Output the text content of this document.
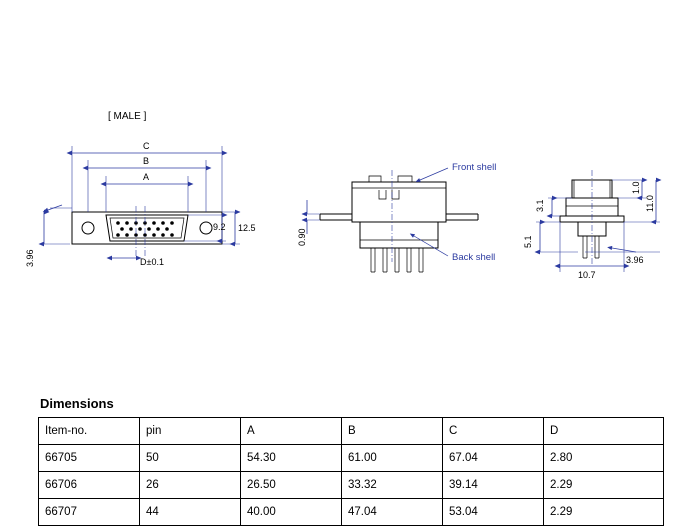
[ MALE ]
C
B
A
D±0.1
12.5
9.2
3.96
0.90
Front shell
Back shell
3.1
5.1
1.0
11.0
10.7
3.96
Dimensions
Item-no.	pin	A	B	C	D
66705	50	54.30	61.00	67.04	2.80
66706	26	26.50	33.32	39.14	2.29
66707	44	40.00	47.04	53.04	2.29
